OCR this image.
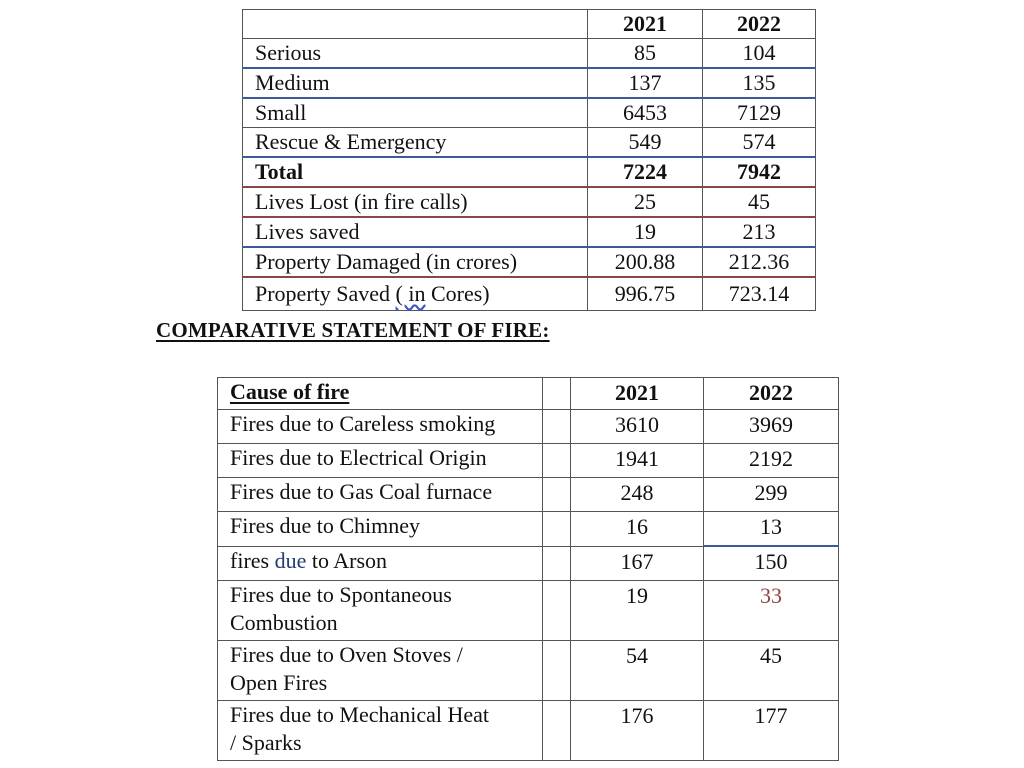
	2021	2022
Serious	85	104
Medium	137	135
Small	6453	7129
Rescue & Emergency	549	574
Total	7224	7942
Lives Lost (in fire calls)	25	45
Lives saved	19	213
Property Damaged (in crores)	200.88	212.36
Property Saved ( in Cores)	996.75	723.14
COMPARATIVE STATEMENT OF FIRE:
Cause of fire		2021	2022
Fires due to Careless smoking		3610	3969
Fires due to Electrical Origin		1941	2192
Fires due to Gas Coal furnace		248	299
Fires due to Chimney		16	13
fires due to Arson		167	150
Fires due to Spontaneous
Combustion		19	33
Fires due to Oven Stoves /
Open Fires		54	45
Fires due to Mechanical Heat
/ Sparks		176	177
